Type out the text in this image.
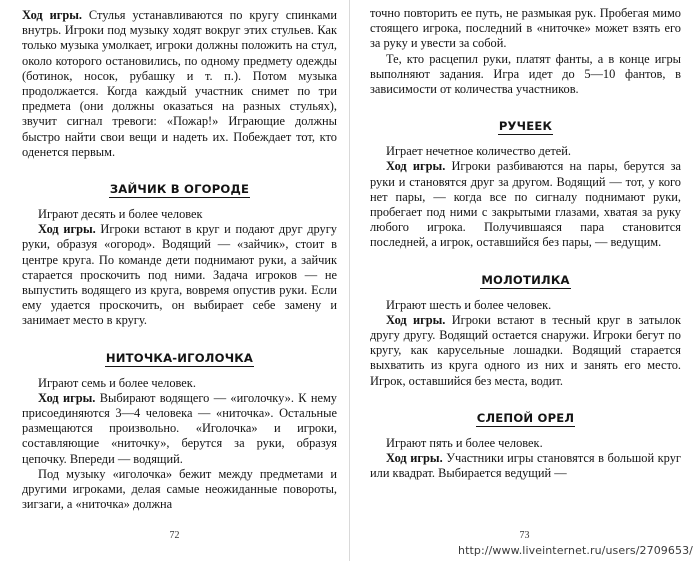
Ход игры. Стулья устанавливаются по кругу спинками внутрь. Игроки под музыку ходят вокруг этих стульев. Как только музыка умолкает, игроки должны положить на стул, около которого остановились, по одному предмету одежды (ботинок, носок, рубашку и т. п.). Потом музыка продолжается. Когда каждый участник снимет по три предмета (они должны оказаться на разных стульях), звучит сигнал тревоги: «Пожар!» Играющие должны быстро найти свои вещи и надеть их. Побеждает тот, кто оденется первым.

ЗАЙЧИК В ОГОРОДЕ

Играют десять и более человек

Ход игры. Игроки встают в круг и подают друг другу руки, образуя «огород». Водящий — «зайчик», стоит в центре круга. По команде дети поднимают руки, а зайчик старается проскочить под ними. Задача игроков — не выпустить водящего из круга, вовремя опустив руки. Если ему удается проскочить, он выбирает себе замену и занимает место в кругу.

НИТОЧКА-ИГОЛОЧКА

Играют семь и более человек.

Ход игры. Выбирают водящего — «иголочку». К нему присоединяются 3—4 человека — «ниточка». Остальные размещаются произвольно. «Иголочка» и игроки, составляющие «ниточку», берутся за руки, образуя цепочку. Впереди — водящий.

Под музыку «иголочка» бежит между предметами и другими игроками, делая самые неожиданные повороты, зигзаги, а «ниточка» должна

72

точно повторить ее путь, не размыкая рук. Пробегая мимо стоящего игрока, последний в «ниточке» может взять его за руку и увести за собой.

Те, кто расцепил руки, платят фанты, а в конце игры выполняют задания. Игра идет до 5—10 фантов, в зависимости от количества участников.

РУЧЕЕК

Играет нечетное количество детей.

Ход игры. Игроки разбиваются на пары, берутся за руки и становятся друг за другом. Водящий — тот, у кого нет пары, — когда все по сигналу поднимают руки, пробегает под ними с закрытыми глазами, хватая за руку любого игрока. Получившаяся пара становится последней, а игрок, оставшийся без пары, — ведущим.

МОЛОТИЛКА

Играют шесть и более человек.

Ход игры. Игроки встают в тесный круг в затылок другу другу. Водящий остается снаружи. Игроки бегут по кругу, как карусельные лошадки. Водящий старается выхватить из круга одного из них и занять его место. Игрок, оставшийся без места, водит.

СЛЕПОЙ ОРЕЛ

Играют пять и более человек.

Ход игры. Участники игры становятся в большой круг или квадрат. Выбирается ведущий —

73
http://www.liveinternet.ru/users/2709653/
